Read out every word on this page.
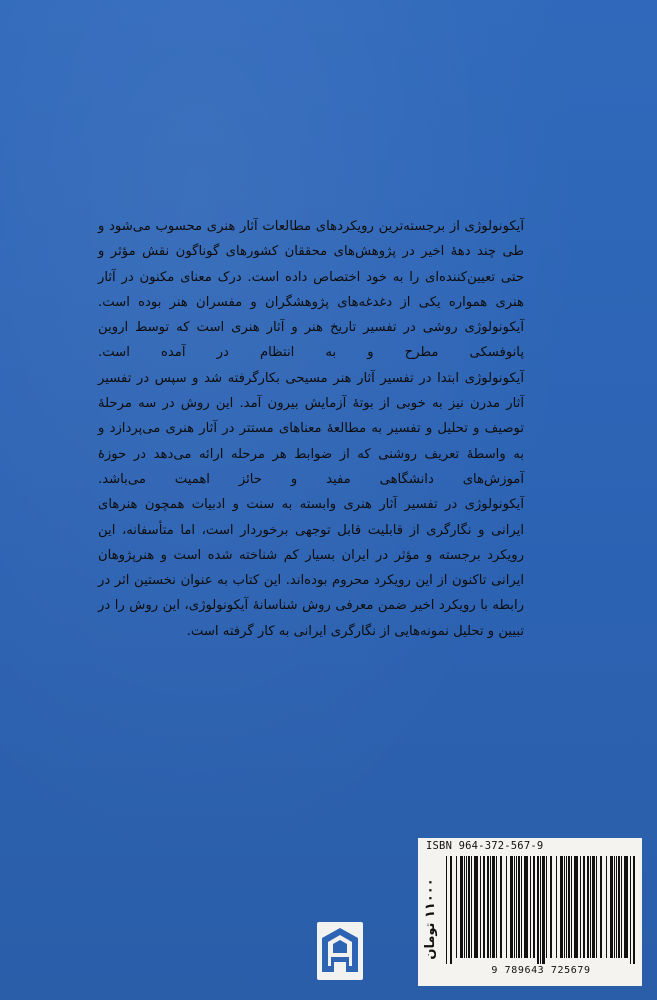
آیکونولوژی از برجسته‌ترین رویکردهای مطالعات آثار هنری محسوب می‌شود و طی چند دههٔ اخیر در پژوهش‌های محققان کشورهای گوناگون نقش مؤثر و حتی تعیین‌کننده‌ای را به خود اختصاص داده است. درک معنای مکنون در آثار هنری همواره یکی از دغدغه‌های پژوهشگران و مفسران هنر بوده است. آیکونولوژی روشی در تفسیر تاریخ هنر و آثار هنری است که توسط اروین پانوفسکی مطرح و به انتظام در آمده است.

آیکونولوژی ابتدا در تفسیر آثار هنر مسیحی بکارگرفته شد و سپس در تفسیر آثار مدرن نیز به خوبی از بوتهٔ آزمایش بیرون آمد. این روش در سه مرحلهٔ توصیف و تحلیل و تفسیر به مطالعهٔ معناهای مستتر در آثار هنری می‌پردازد و به واسطهٔ تعریف روشنی که از ضوابط هر مرحله ارائه می‌دهد در حوزهٔ آموزش‌های دانشگاهی مفید و حائز اهمیت می‌باشد.

آیکونولوژی در تفسیر آثار هنری وابسته به سنت و ادبیات همچون هنرهای ایرانی و نگارگری از قابلیت قابل توجهی برخوردار است، اما متأسفانه، این رویکرد برجسته و مؤثر در ایران بسیار کم شناخته شده است و هنرپژوهان ایرانی تاکنون از این رویکرد محروم بوده‌اند. این کتاب به عنوان نخستین اثر در رابطه با رویکرد اخیر ضمن معرفی روش شناسانهٔ آیکونولوژی، این روش را در تبیین و تحلیل نمونه‌هایی از نگارگری ایرانی به کار گرفته است.

ISBN 964-372-567-9
۱۱۰۰۰ تومان
9 789643 725679
